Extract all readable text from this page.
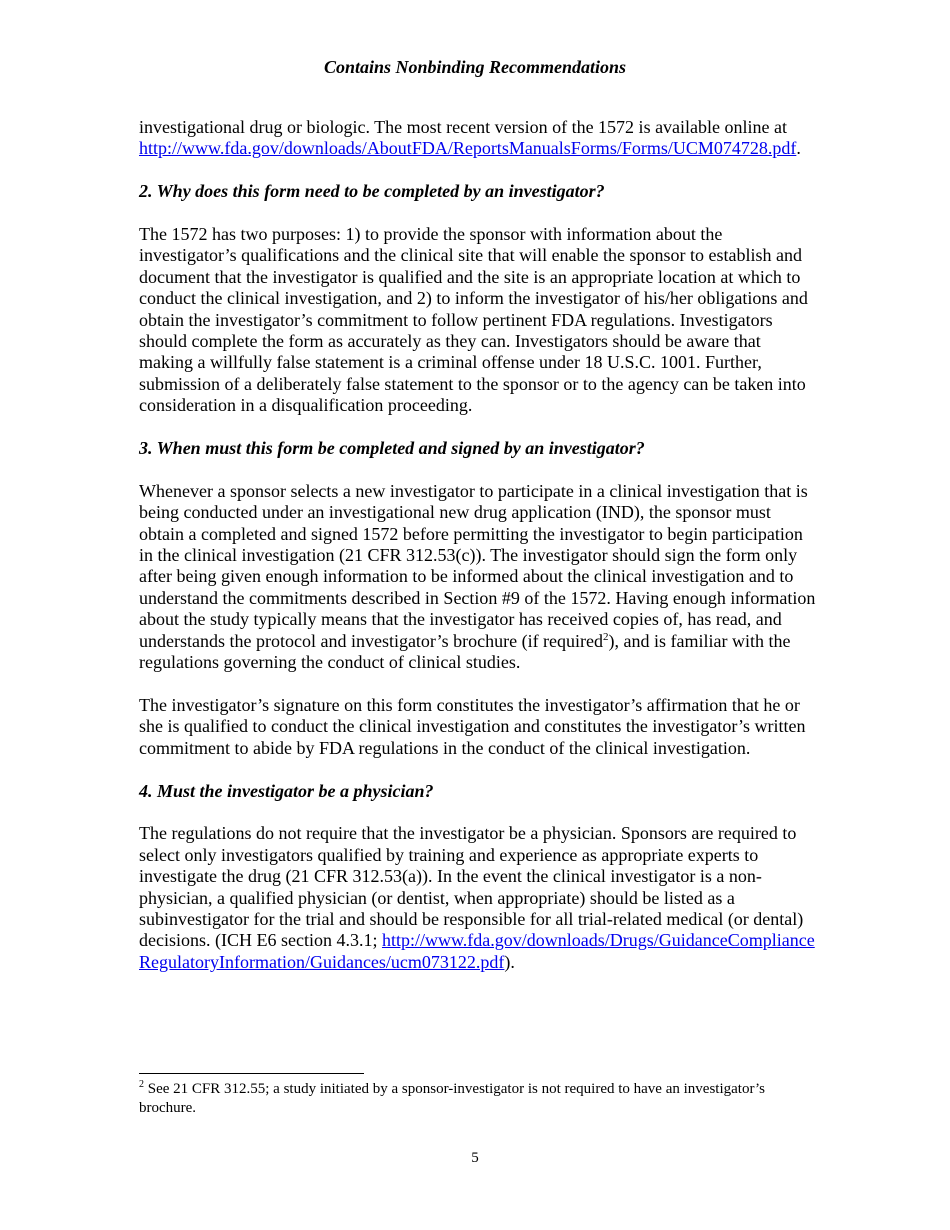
Contains Nonbinding Recommendations

investigational drug or biologic. The most recent version of the 1572 is available online at http://www.fda.gov/downloads/AboutFDA/ReportsManualsForms/Forms/UCM074728.pdf.

2. Why does this form need to be completed by an investigator?

The 1572 has two purposes: 1) to provide the sponsor with information about the investigator’s qualifications and the clinical site that will enable the sponsor to establish and document that the investigator is qualified and the site is an appropriate location at which to conduct the clinical investigation, and 2) to inform the investigator of his/her obligations and obtain the investigator’s commitment to follow pertinent FDA regulations. Investigators should complete the form as accurately as they can. Investigators should be aware that making a willfully false statement is a criminal offense under 18 U.S.C. 1001. Further, submission of a deliberately false statement to the sponsor or to the agency can be taken into consideration in a disqualification proceeding.

3. When must this form be completed and signed by an investigator?

Whenever a sponsor selects a new investigator to participate in a clinical investigation that is being conducted under an investigational new drug application (IND), the sponsor must obtain a completed and signed 1572 before permitting the investigator to begin participation in the clinical investigation (21 CFR 312.53(c)). The investigator should sign the form only after being given enough information to be informed about the clinical investigation and to understand the commitments described in Section #9 of the 1572. Having enough information about the study typically means that the investigator has received copies of, has read, and understands the protocol and investigator’s brochure (if required$^2$), and is familiar with the regulations governing the conduct of clinical studies.

The investigator’s signature on this form constitutes the investigator’s affirmation that he or she is qualified to conduct the clinical investigation and constitutes the investigator’s written commitment to abide by FDA regulations in the conduct of the clinical investigation.

4. Must the investigator be a physician?

The regulations do not require that the investigator be a physician. Sponsors are required to select only investigators qualified by training and experience as appropriate experts to investigate the drug (21 CFR 312.53(a)). In the event the clinical investigator is a non-physician, a qualified physician (or dentist, when appropriate) should be listed as a subinvestigator for the trial and should be responsible for all trial-related medical (or dental) decisions. (ICH E6 section 4.3.1; http://www.fda.gov/downloads/Drugs/GuidanceComplianceRegulatoryInformation/Guidances/ucm073122.pdf).

$^2$ See 21 CFR 312.55; a study initiated by a sponsor-investigator is not required to have an investigator’s brochure.
5
